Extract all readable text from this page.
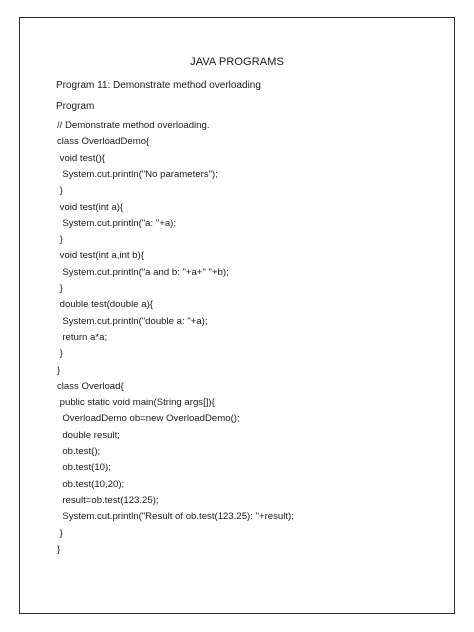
JAVA PROGRAMS
Program 11: Demonstrate method overloading
Program
// Demonstrate method overloading.
class OverloadDemo{
void test(){
System.cut.println("No parameters");
}
void test(int a){
System.cut.println("a: "+a);
}
void test(int a,int b){
System.cut.println("a and b: "+a+" "+b);
}
double test(double a){
System.cut.println("double a: "+a);
return a*a;
}
}
class Overload{
public static void main(String args[]){
OverloadDemo ob=new OverloadDemo();
double result;
ob.test();
ob.test(10);
ob.test(10,20);
result=ob.test(123.25);
System.cut.println("Result of ob.test(123.25): "+result);
}
}
